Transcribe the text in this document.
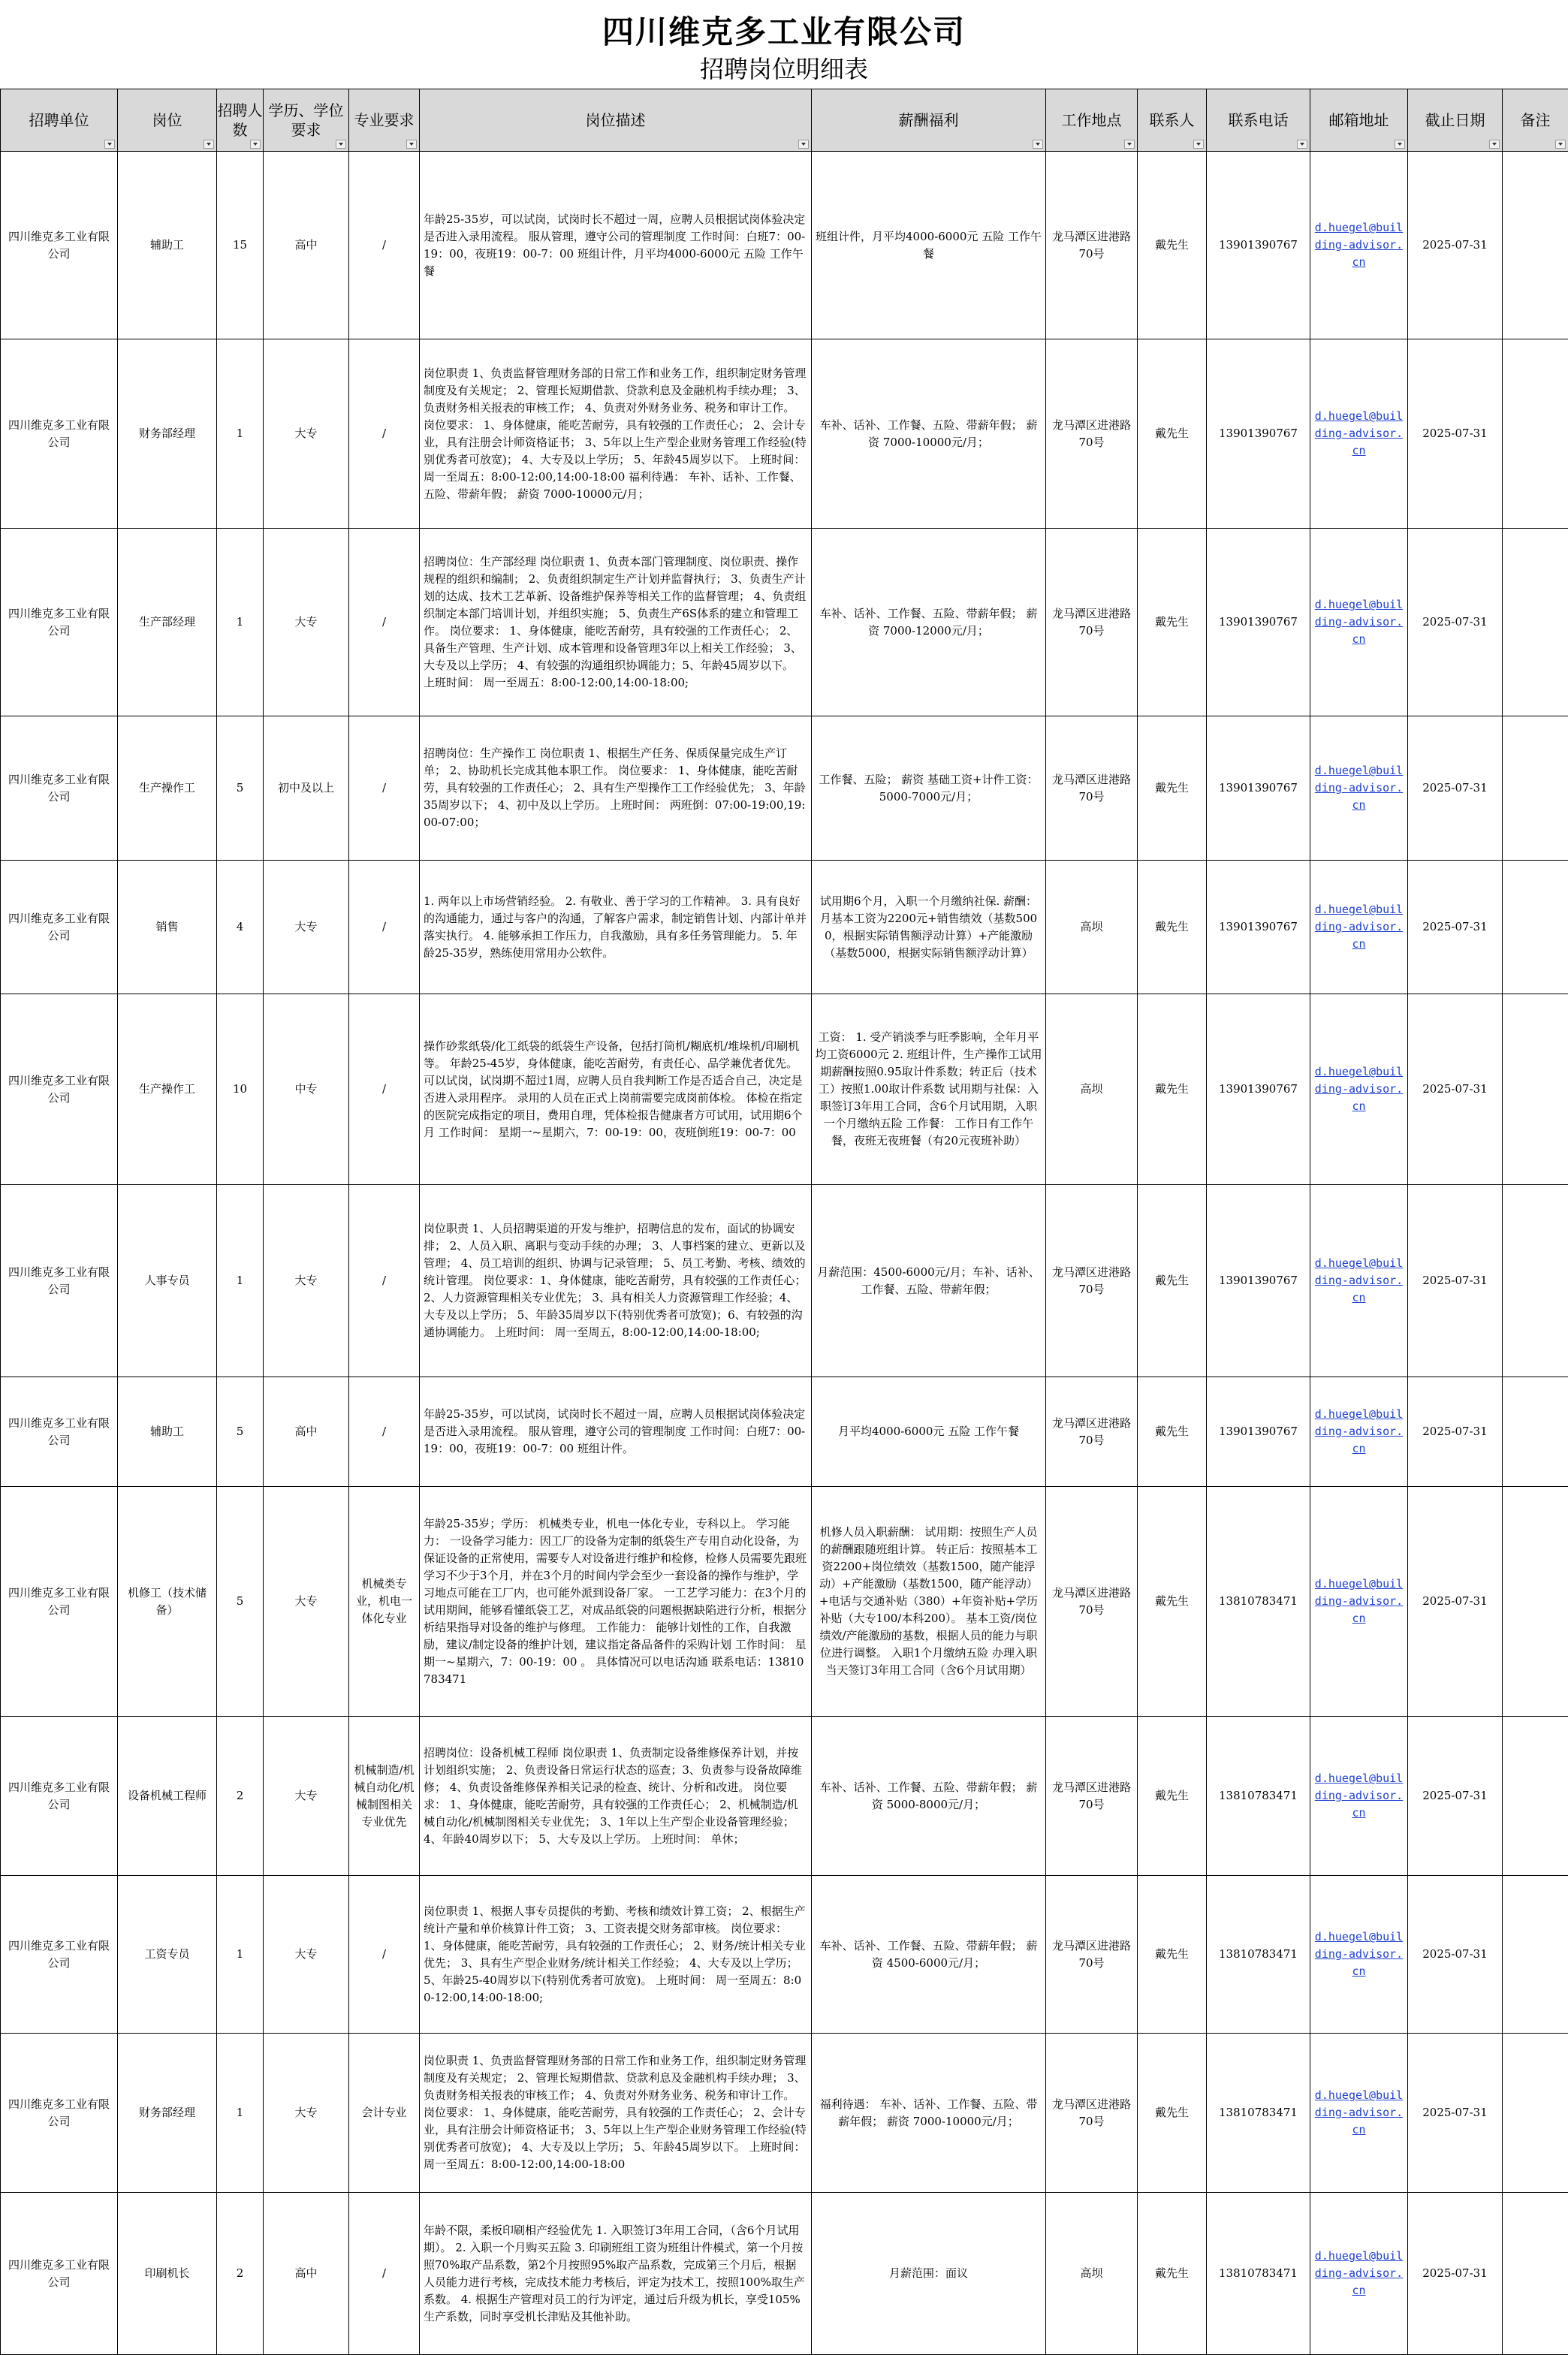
四川维克多工业有限公司
招聘岗位明细表
招聘单位	岗位	招聘人数	学历、学位要求	专业要求	岗位描述	薪酬福利	工作地点	联系人	联系电话	邮箱地址	截止日期	备注

四川维克多工业有限公司	辅助工	15	高中	/	年龄25-35岁，可以试岗，试岗时长不超过一周，应聘人员根据试岗体验决定是否进入录用流程。 服从管理，遵守公司的管理制度 工作时间：白班7：00-19：00，夜班19：00-7：00 班组计件，月平均4000-6000元 五险 工作午餐	班组计件，月平均4000-6000元 五险 工作午餐	龙马潭区进港路70号	戴先生	13901390767	d.huegel@building-advisor.cn	2025-07-31	
四川维克多工业有限公司	财务部经理	1	大专	/	岗位职责 1、负责监督管理财务部的日常工作和业务工作，组织制定财务管理制度及有关规定； 2、管理长短期借款、贷款利息及金融机构手续办理； 3、负责财务相关报表的审核工作； 4、负责对外财务业务、税务和审计工作。 岗位要求： 1、身体健康，能吃苦耐劳，具有较强的工作责任心； 2、会计专业，具有注册会计师资格证书； 3、5年以上生产型企业财务管理工作经验(特别优秀者可放宽)； 4、大专及以上学历； 5、年龄45周岁以下。 上班时间： 周一至周五：8:00-12:00,14:00-18:00 福利待遇： 车补、话补、工作餐、五险、带薪年假； 薪资 7000-10000元/月；	车补、话补、工作餐、五险、带薪年假； 薪资 7000-10000元/月；	龙马潭区进港路70号	戴先生	13901390767	d.huegel@building-advisor.cn	2025-07-31	
四川维克多工业有限公司	生产部经理	1	大专	/	招聘岗位：生产部经理 岗位职责 1、负责本部门管理制度、岗位职责、操作规程的组织和编制； 2、负责组织制定生产计划并监督执行； 3、负责生产计划的达成、技术工艺革新、设备维护保养等相关工作的监督管理； 4、负责组织制定本部门培训计划，并组织实施； 5、负责生产6S体系的建立和管理工作。 岗位要求： 1、身体健康，能吃苦耐劳，具有较强的工作责任心； 2、具备生产管理、生产计划、成本管理和设备管理3年以上相关工作经验； 3、大专及以上学历； 4、有较强的沟通组织协调能力；5、年龄45周岁以下。 上班时间： 周一至周五：8:00-12:00,14:00-18:00;	车补、话补、工作餐、五险、带薪年假； 薪资 7000-12000元/月；	龙马潭区进港路70号	戴先生	13901390767	d.huegel@building-advisor.cn	2025-07-31	
四川维克多工业有限公司	生产操作工	5	初中及以上	/	招聘岗位：生产操作工 岗位职责 1、根据生产任务、保质保量完成生产订单； 2、协助机长完成其他本职工作。 岗位要求： 1、身体健康，能吃苦耐劳，具有较强的工作责任心； 2、具有生产型操作工工作经验优先； 3、年龄35周岁以下； 4、初中及以上学历。 上班时间： 两班倒：07:00-19:00,19:00-07:00；	工作餐、五险； 薪资 基础工资+计件工资： 5000-7000元/月；	龙马潭区进港路70号	戴先生	13901390767	d.huegel@building-advisor.cn	2025-07-31	
四川维克多工业有限公司	销售	4	大专	/	1. 两年以上市场营销经验。 2. 有敬业、善于学习的工作精神。 3. 具有良好的沟通能力，通过与客户的沟通，了解客户需求，制定销售计划、内部计单并落实执行。 4. 能够承担工作压力，自我激励，具有多任务管理能力。 5. 年龄25-35岁，熟练使用常用办公软件。	试用期6个月，入职一个月缴纳社保. 薪酬： 月基本工资为2200元+销售绩效（基数5000，根据实际销售额浮动计算）+产能激励（基数5000，根据实际销售额浮动计算）	高坝	戴先生	13901390767	d.huegel@building-advisor.cn	2025-07-31	
四川维克多工业有限公司	生产操作工	10	中专	/	操作砂浆纸袋/化工纸袋的纸袋生产设备，包括打筒机/糊底机/堆垛机/印刷机等。 年龄25-45岁，身体健康，能吃苦耐劳，有责任心、品学兼优者优先。 可以试岗，试岗期不超过1周，应聘人员自我判断工作是否适合自己，决定是否进入录用程序。 录用的人员在正式上岗前需要完成岗前体检。 体检在指定的医院完成指定的项目，费用自理，凭体检报告健康者方可试用，试用期6个月 工作时间： 星期一~星期六，7：00-19：00，夜班倒班19：00-7：00	工资： 1. 受产销淡季与旺季影响，全年月平均工资6000元 2. 班组计件，生产操作工试用期薪酬按照0.95取计件系数；转正后（技术工）按照1.00取计件系数 试用期与社保：入职签订3年用工合同，含6个月试用期，入职一个月缴纳五险 工作餐： 工作日有工作午餐，夜班无夜班餐（有20元夜班补助）	高坝	戴先生	13901390767	d.huegel@building-advisor.cn	2025-07-31	
四川维克多工业有限公司	人事专员	1	大专	/	岗位职责 1、人员招聘渠道的开发与维护，招聘信息的发布，面试的协调安排； 2、人员入职、离职与变动手续的办理； 3、人事档案的建立、更新以及管理； 4、员工培训的组织、协调与记录管理； 5、员工考勤、考核、绩效的统计管理。 岗位要求：1、身体健康，能吃苦耐劳，具有较强的工作责任心； 2、人力资源管理相关专业优先； 3、具有相关人力资源管理工作经验；4、大专及以上学历； 5、年龄35周岁以下(特别优秀者可放宽)；6、有较强的沟通协调能力。 上班时间： 周一至周五，8:00-12:00,14:00-18:00;	月薪范围：4500-6000元/月；车补、话补、工作餐、五险、带薪年假；	龙马潭区进港路70号	戴先生	13901390767	d.huegel@building-advisor.cn	2025-07-31	
四川维克多工业有限公司	辅助工	5	高中	/	年龄25-35岁，可以试岗，试岗时长不超过一周，应聘人员根据试岗体验决定是否进入录用流程。 服从管理，遵守公司的管理制度 工作时间：白班7：00-19：00，夜班19：00-7：00 班组计件。	月平均4000-6000元 五险 工作午餐	龙马潭区进港路70号	戴先生	13901390767	d.huegel@building-advisor.cn	2025-07-31	
四川维克多工业有限公司	机修工（技术储备）	5	大专	机械类专业，机电一体化专业	年龄25-35岁；学历： 机械类专业，机电一体化专业，专科以上。 学习能力： 一设备学习能力：因工厂的设备为定制的纸袋生产专用自动化设备，为保证设备的正常使用，需要专人对设备进行维护和检修，检修人员需要先跟班学习不少于3个月，并在3个月的时间内学会至少一套设备的操作与维护，学习地点可能在工厂内，也可能外派到设备厂家。 一工艺学习能力：在3个月的试用期间，能够看懂纸袋工艺，对成品纸袋的问题根据缺陷进行分析，根据分析结果指导对设备的维护与修理。 工作能力： 能够计划性的工作，自我激励，建议/制定设备的维护计划，建议指定备品备件的采购计划 工作时间： 星期一~星期六，7：00-19：00 。 具体情况可以电话沟通 联系电话：13810783471	机修人员入职薪酬： 试用期：按照生产人员的薪酬跟随班组计算。 转正后：按照基本工资2200+岗位绩效（基数1500，随产能浮动）+产能激励（基数1500，随产能浮动）+电话与交通补贴（380）+年资补贴+学历补贴（大专100/本科200）。 基本工资/岗位绩效/产能激励的基数，根据人员的能力与职位进行调整。 入职1个月缴纳五险 办理入职当天签订3年用工合同（含6个月试用期）	龙马潭区进港路70号	戴先生	13810783471	d.huegel@building-advisor.cn	2025-07-31	
四川维克多工业有限公司	设备机械工程师	2	大专	机械制造/机械自动化/机械制图相关专业优先	招聘岗位：设备机械工程师 岗位职责 1、负责制定设备维修保养计划，并按计划组织实施； 2、负责设备日常运行状态的巡查；3、负责参与设备故障维修； 4、负责设备维修保养相关记录的检查、统计、分析和改进。 岗位要求： 1、身体健康，能吃苦耐劳，具有较强的工作责任心； 2、机械制造/机械自动化/机械制图相关专业优先； 3、1年以上生产型企业设备管理经验； 4、年龄40周岁以下； 5、大专及以上学历。 上班时间： 单休；	车补、话补、工作餐、五险、带薪年假； 薪资 5000-8000元/月；	龙马潭区进港路70号	戴先生	13810783471	d.huegel@building-advisor.cn	2025-07-31	
四川维克多工业有限公司	工资专员	1	大专	/	岗位职责 1、根据人事专员提供的考勤、考核和绩效计算工资； 2、根据生产统计产量和单价核算计件工资； 3、工资表提交财务部审核。 岗位要求： 1、身体健康，能吃苦耐劳，具有较强的工作责任心； 2、财务/统计相关专业优先； 3、具有生产型企业财务/统计相关工作经验； 4、大专及以上学历； 5、年龄25-40周岁以下(特别优秀者可放宽)。 上班时间： 周一至周五：8:00-12:00,14:00-18:00;	车补、话补、工作餐、五险、带薪年假； 薪资 4500-6000元/月；	龙马潭区进港路70号	戴先生	13810783471	d.huegel@building-advisor.cn	2025-07-31	
四川维克多工业有限公司	财务部经理	1	大专	会计专业	岗位职责 1、负责监督管理财务部的日常工作和业务工作，组织制定财务管理制度及有关规定； 2、管理长短期借款、贷款利息及金融机构手续办理； 3、负责财务相关报表的审核工作； 4、负责对外财务业务、税务和审计工作。 岗位要求： 1、身体健康，能吃苦耐劳，具有较强的工作责任心； 2、会计专业，具有注册会计师资格证书； 3、5年以上生产型企业财务管理工作经验(特别优秀者可放宽)； 4、大专及以上学历； 5、年龄45周岁以下。 上班时间： 周一至周五：8:00-12:00,14:00-18:00	福利待遇： 车补、话补、工作餐、五险、带薪年假； 薪资 7000-10000元/月；	龙马潭区进港路70号	戴先生	13810783471	d.huegel@building-advisor.cn	2025-07-31	
四川维克多工业有限公司	印刷机长	2	高中	/	年龄不限，柔板印刷相产经验优先 1. 入职签订3年用工合同，（含6个月试用期）。 2. 入职一个月购买五险 3. 印刷班组工资为班组计件模式，第一个月按照70%取产品系数，第2个月按照95%取产品系数，完成第三个月后，根据人员能力进行考核，完成技术能力考核后，评定为技术工，按照100%取生产系数。 4. 根据生产管理对员工的行为评定，通过后升级为机长，享受105%生产系数，同时享受机长津贴及其他补助。	月薪范围：面议	高坝	戴先生	13810783471	d.huegel@building-advisor.cn	2025-07-31	
